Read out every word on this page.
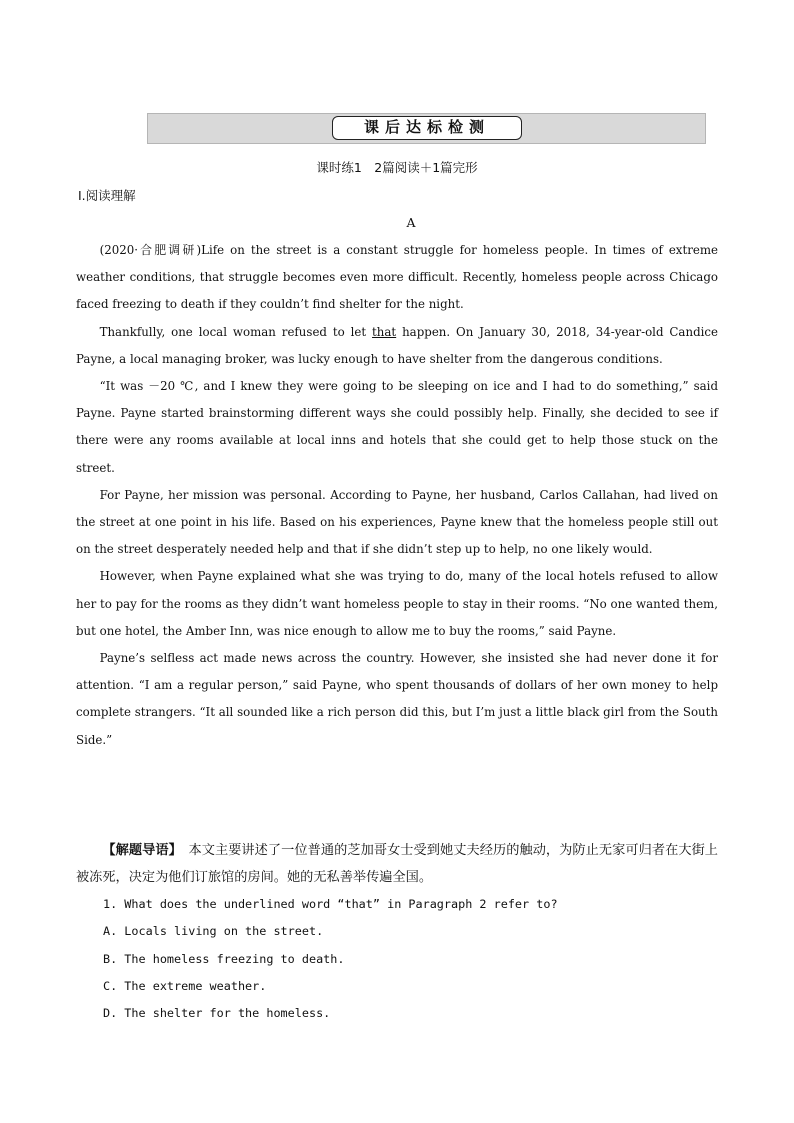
课后达标检测
课时练1　2篇阅读＋1篇完形
Ⅰ.阅读理解
A

(2020·合肥调研)Life on the street is a constant struggle for homeless people. In times of extreme weather conditions, that struggle becomes even more difficult. Recently, homeless people across Chicago faced freezing to death if they couldn’t find shelter for the night.

Thankfully, one local woman refused to let that happen. On January 30, 2018, 34-year-old Candice Payne, a local managing broker, was lucky enough to have shelter from the dangerous conditions.

“It was －20 ℃, and I knew they were going to be sleeping on ice and I had to do something,” said Payne. Payne started brainstorming different ways she could possibly help. Finally, she decided to see if there were any rooms available at local inns and hotels that she could get to help those stuck on the street.

For Payne, her mission was personal. According to Payne, her husband, Carlos Callahan, had lived on the street at one point in his life. Based on his experiences, Payne knew that the homeless people still out on the street desperately needed help and that if she didn’t step up to help, no one likely would.

However, when Payne explained what she was trying to do, many of the local hotels refused to allow her to pay for the rooms as they didn’t want homeless people to stay in their rooms. “No one wanted them, but one hotel, the Amber Inn, was nice enough to allow me to buy the rooms,” said Payne.

Payne’s selfless act made news across the country. However, she insisted she had never done it for attention. “I am a regular person,” said Payne, who spent thousands of dollars of her own money to help complete strangers. “It all sounded like a rich person did this, but I’m just a little black girl from the South Side.”

【解题导语】　本文主要讲述了一位普通的芝加哥女士受到她丈夫经历的触动，为防止无家可归者在大街上被冻死，决定为他们订旅馆的房间。她的无私善举传遍全国。
1. What does the underlined word “that” in Paragraph 2 refer to?
A. Locals living on the street.
B. The homeless freezing to death.
C. The extreme weather.
D. The shelter for the homeless.
